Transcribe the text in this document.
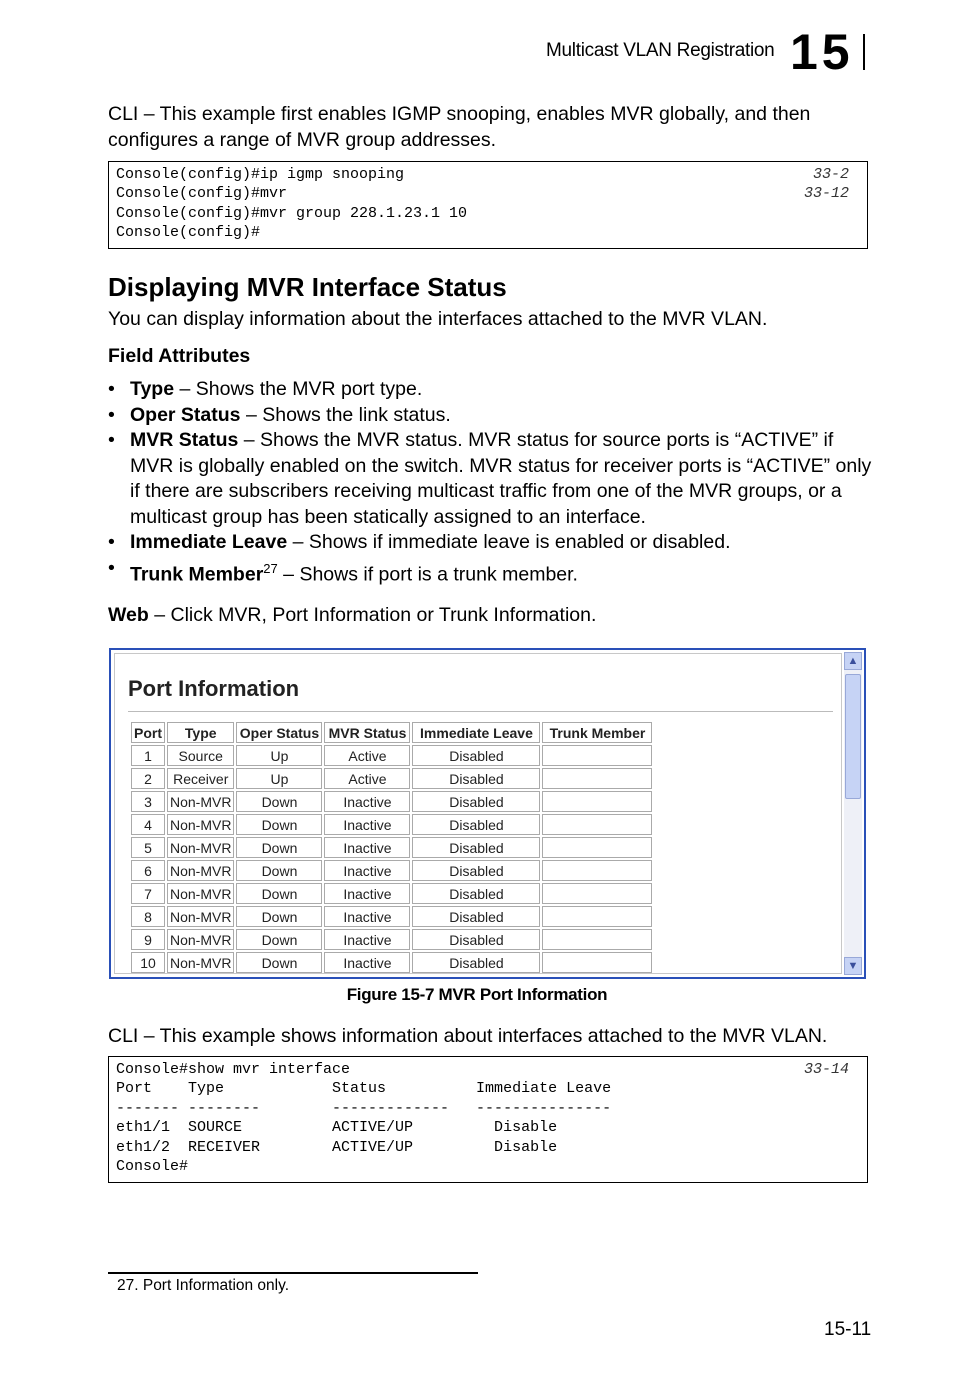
Multicast VLAN Registration 15
CLI – This example first enables IGMP snooping, enables MVR globally, and then configures a range of MVR group addresses.
Console(config)#ip igmp snooping	33-2
Console(config)#mvr	33-12
Console(config)#mvr group 228.1.23.1 10
Console(config)#
Displaying MVR Interface Status
You can display information about the interfaces attached to the MVR VLAN.
Field Attributes
• Type – Shows the MVR port type.
• Oper Status – Shows the link status.
• MVR Status – Shows the MVR status. MVR status for source ports is “ACTIVE” if MVR is globally enabled on the switch. MVR status for receiver ports is “ACTIVE” only if there are subscribers receiving multicast traffic from one of the MVR groups, or a multicast group has been statically assigned to an interface.
• Immediate Leave – Shows if immediate leave is enabled or disabled.
• Trunk Member$^{27}$ – Shows if port is a trunk member.
Web – Click MVR, Port Information or Trunk Information.
Port Information
Port	Type	Oper Status	MVR Status	Immediate Leave	Trunk Member
1	Source	Up	Active	Disabled	
2	Receiver	Up	Active	Disabled	
3	Non-MVR	Down	Inactive	Disabled	
4	Non-MVR	Down	Inactive	Disabled	
5	Non-MVR	Down	Inactive	Disabled	
6	Non-MVR	Down	Inactive	Disabled	
7	Non-MVR	Down	Inactive	Disabled	
8	Non-MVR	Down	Inactive	Disabled	
9	Non-MVR	Down	Inactive	Disabled	
10	Non-MVR	Down	Inactive	Disabled	
▲
▼
Figure 15-7 MVR Port Information
CLI – This example shows information about interfaces attached to the MVR VLAN.
Console#show mvr interface	33-14
Port    Type            Status          Immediate Leave
------- --------        -------------   ---------------
eth1/1  SOURCE          ACTIVE/UP         Disable
eth1/2  RECEIVER        ACTIVE/UP         Disable
Console#
27. Port Information only.
15-11
